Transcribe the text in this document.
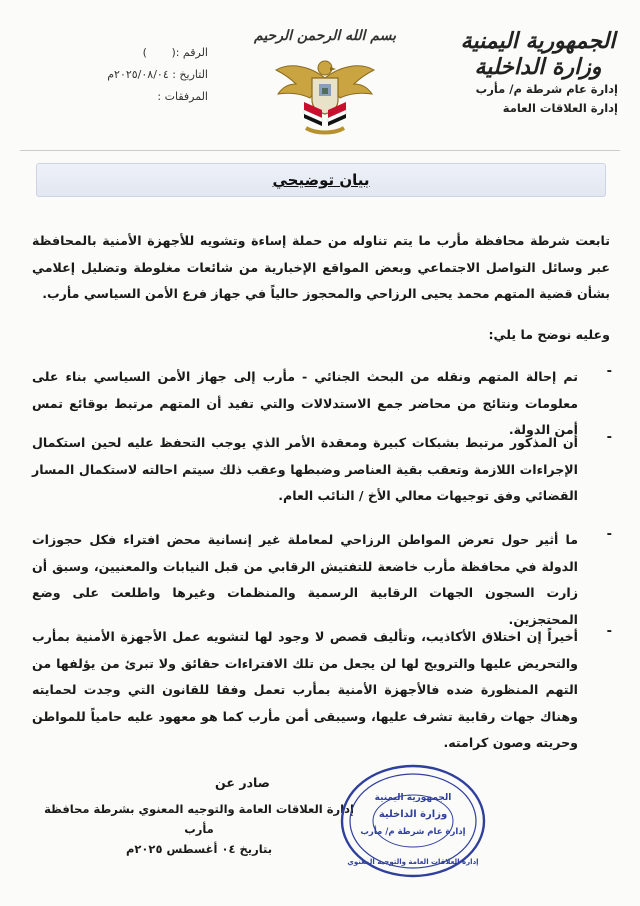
الجمهورية اليمنية
وزارة الداخلية
إدارة عام شرطة م/ مأرب
إدارة العلاقات العامة
بسم الله الرحمن الرحيم
الرقم :
(       )
التاريخ :

٢٠٢٥/٠٨/٠٤م
المرفقات :
بيان توضيحي
تابعت شرطة محافظة مأرب ما يتم تناوله من حملة إساءة وتشويه للأجهزة الأمنية بالمحافظة عبر وسائل التواصل الاجتماعي وبعض المواقع الإخبارية من شائعات مغلوطة وتضليل إعلامي بشأن قضية المتهم محمد يحيى الرزاحي والمحجوز حالياً في جهاز فرع الأمن السياسي مأرب.
وعليه نوضح ما يلي:
-
تم إحالة المتهم ونقله من البحث الجنائي - مأرب إلى جهاز الأمن السياسي بناء على معلومات ونتائج من محاضر جمع الاستدلالات والتي تفيد أن المتهم مرتبط بوقائع تمس أمن الدولة.
-
أن المذكور مرتبط بشبكات كبيرة ومعقدة الأمر الذي يوجب التحفظ عليه لحين استكمال الإجراءات اللازمة وتعقب بقية العناصر وضبطها وعقب ذلك سيتم احالته لاستكمال المسار القضائي وفق توجيهات معالي الأخ / النائب العام.
-
ما أثير حول تعرض المواطن الرزاحي لمعاملة غير إنسانية محض افتراء فكل حجوزات الدولة في محافظة مأرب خاضعة للتفتيش الرقابي من قبل النيابات والمعنيين، وسبق أن زارت السجون الجهات الرقابية الرسمية والمنظمات وغيرها واطلعت على وضع المحتجزين.
-
أخيراً إن اختلاق الأكاذيب، وتأليف قصص لا وجود لها لتشويه عمل الأجهزة الأمنية بمأرب والتحريض عليها والترويج لها لن يجعل من تلك الافتراءات حقائق ولا تبرئ من يؤلفها من التهم المنظورة ضده فالأجهزة الأمنية بمأرب تعمل وفقا للقانون التي وجدت لحمايته وهناك جهات رقابية تشرف عليها، وسيبقى أمن مأرب كما هو معهود عليه حامياً للمواطن وحريته وصون كرامته.
صادر عن
إدارة العلاقات العامة والتوجيه المعنوي بشرطة محافظة مأرب
بتاريخ ٠٤ أغسطس ٢٠٢٥م
الجمهورية اليمنية
وزارة الداخلية
إدارة عام شرطة م/ مأرب
إدارة العلاقات العامة والتوجيه المعنوي
